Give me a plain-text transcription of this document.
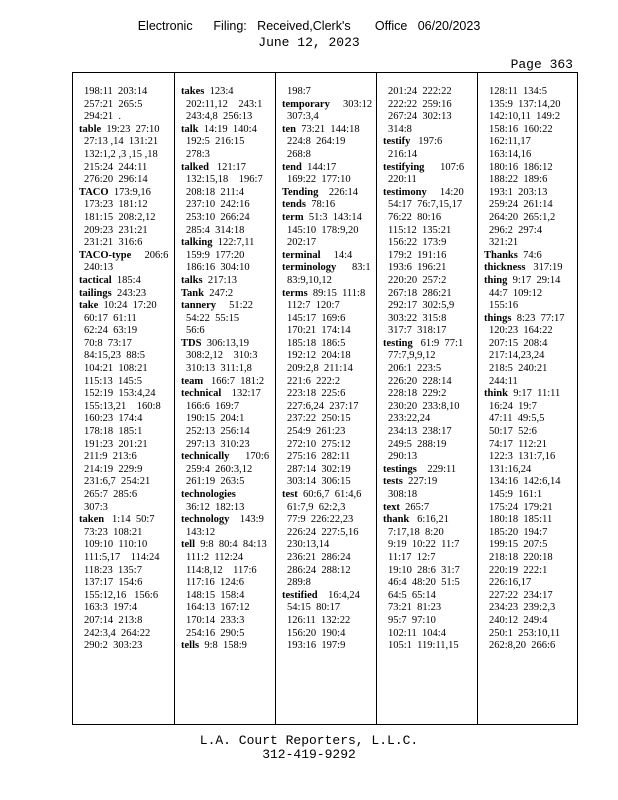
Electronic      Filing:   Received,Clerk's       Office   06/20/2023
June 12, 2023
Page 363
198:11  203:14
257:21  265:5
294:21  .
table  19:23  27:10
27:13 ,14  131:21
132:1,2 ,3 ,15 ,18
215:24  244:11
276:20  296:14
TACO  173:9,16
173:23  181:12
181:15  208:2,12
209:23  231:21
231:21  316:6
TACO-type     206:6
240:13
tactical  185:4
tailings  243:23
take  10:24  17:20
60:17  61:11
62:24  63:19
70:8  73:17
84:15,23  88:5
104:21  108:21
115:13  145:5
152:19  153:4,24
155:13,21    160:8
160:23  174:4
178:18  185:1
191:23  201:21
211:9  213:6
214:19  229:9
231:6,7  254:21
265:7  285:6
307:3
taken   1:14  50:7
73:23  108:21
109:10  110:10
111:5,17    114:24
118:23  135:7
137:17  154:6
155:12,16   156:6
163:3  197:4
207:14  213:8
242:3,4  264:22
290:2  303:23
takes  123:4
202:11,12    243:1
243:4,8  256:13
talk  14:19  140:4
192:5  216:15
278:3
talked   121:17
132:15,18    196:7
208:18  211:4
237:10  242:16
253:10  266:24
285:4  314:18
talking  122:7,11
159:9  177:20
186:16  304:10
talks  217:13
Tank  247:2
tannery     51:22
54:22  55:15
56:6
TDS  306:13,19
308:2,12    310:3
310:13  311:1,8
team   166:7  181:2
technical    132:17
166:6  169:7
190:15  204:1
252:13  256:14
297:13  310:23
technically      170:6
259:4  260:3,12
261:19  263:5
technologies
36:12  182:13
technology    143:9
143:12
tell  9:8  80:4  84:13
111:2  112:24
114:8,12    117:6
117:16  124:6
148:15  158:4
164:13  167:12
170:14  233:3
254:16  290:5
tells  9:8  158:9
198:7
temporary     303:12
307:3,4
ten  73:21  144:18
224:8  264:19
268:8
tend  144:17
169:22  177:10
Tending    226:14
tends  78:16
term  51:3  143:14
145:10  178:9,20
202:17
terminal     14:4
terminology      83:1
83:9,10,12
terms  89:15  111:8
112:7  120:7
145:17  169:6
170:21  174:14
185:18  186:5
192:12  204:18
209:2,8  211:14
221:6  222:2
223:18  225:6
227:6,24  237:17
237:22  250:15
254:9  261:23
272:10  275:12
275:16  282:11
287:14  302:19
303:14  306:15
test  60:6,7  61:4,6
61:7,9  62:2,3
77:9  226:22,23
226:24  227:5,16
230:13,14
236:21  286:24
286:24  288:12
289:8
testified    16:4,24
54:15  80:17
126:11  132:22
156:20  190:4
193:16  197:9
201:24  222:22
222:22  259:16
267:24  302:13
314:8
testify   197:6
216:14
testifying      107:6
220:11
testimony     14:20
54:17  76:7,15,17
76:22  80:16
115:12  135:21
156:22  173:9
179:2  191:16
193:6  196:21
220:20  257:2
267:18  286:21
292:17  302:5,9
303:22  315:8
317:7  318:17
testing   61:9  77:1
77:7,9,9,12
206:1  223:5
226:20  228:14
228:18  229:2
230:20  233:8,10
233:22,24
234:13  238:17
249:5  288:19
290:13
testings    229:11
tests  227:19
308:18
text  265:7
thank   6:16,21
7:17,18  8:20
9:19  10:22  11:7
11:17  12:7
19:10  28:6  31:7
46:4  48:20  51:5
64:5  65:14
73:21  81:23
95:7  97:10
102:11  104:4
105:1  119:11,15
128:11  134:5
135:9  137:14,20
142:10,11  149:2
158:16  160:22
162:11,17
163:14,16
180:16  186:12
188:22  189:6
193:1  203:13
259:24  261:14
264:20  265:1,2
296:2  297:4
321:21
Thanks  74:6
thickness   317:19
thing  9:17  29:14
44:7  109:12
155:16
things  8:23  77:17
120:23  164:22
207:15  208:4
217:14,23,24
218:5  240:21
244:11
think  9:17  11:11
16:24  19:7
47:11  49:5,5
50:17  52:6
74:17  112:21
122:3  131:7,16
131:16,24
134:16  142:6,14
145:9  161:1
175:24  179:21
180:18  185:11
185:20  194:7
199:15  207:5
218:18  220:18
220:19  222:1
226:16,17
227:22  234:17
234:23  239:2,3
240:12  249:4
250:1  253:10,11
262:8,20  266:6
L.A. Court Reporters, L.L.C.
312-419-9292
